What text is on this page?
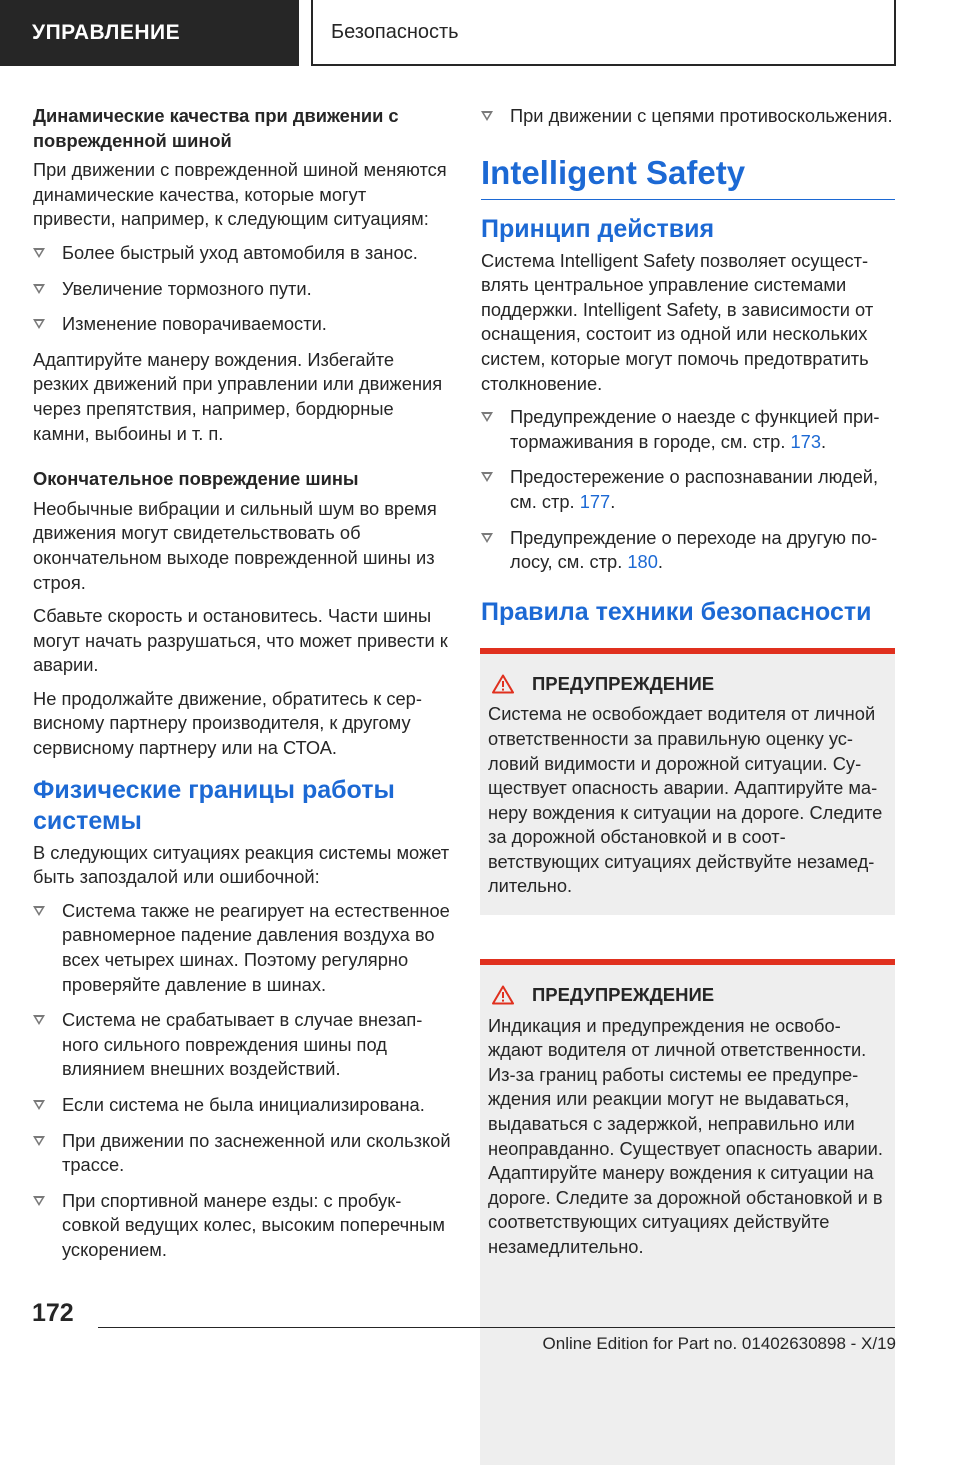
УПРАВЛЕНИЕ	Безопасность

Динамические качества при движении с поврежденной шиной

При движении с поврежденной шиной меняются динамические качества, которые могут привести, например, к следующим ситуациям:

Более быстрый уход автомобиля в занос.
Увеличение тормозного пути.
Изменение поворачиваемости.

Адаптируйте манеру вождения. Избегайте резких движений при управлении или движения через препятствия, например, бордюрные камни, выбоины и т. п.

Окончательное повреждение шины

Необычные вибрации и сильный шум во время движения могут свидетельствовать об окончательном выходе поврежденной шины из строя.

Сбавьте скорость и остановитесь. Части шины могут начать разрушаться, что может привести к аварии.

Не продолжайте движение, обратитесь к сервисному партнеру производителя, к другому сервисному партнеру или на СТОА.

Физические границы работы системы

В следующих ситуациях реакция системы может быть запоздалой или ошибочной:

Система также не реагирует на естественное равномерное падение давления воздуха во всех четырех шинах. Поэтому регулярно проверяйте давление в шинах.
Система не срабатывает в случае внезапного сильного повреждения шины под влиянием внешних воздействий.
Если система не была инициализирована.
При движении по заснеженной или скользкой трассе.
При спортивной манере езды: с пробуксовкой ведущих колес, высоким поперечным ускорением.
При движении с цепями противоскольжения.
Intelligent Safety
Принцип действия

Система Intelligent Safety позволяет осуществлять центральное управление системами поддержки. Intelligent Safety, в зависимости от оснащения, состоит из одной или нескольких систем, которые могут помочь предотвратить столкновение.

Предупреждение о наезде с функцией притормаживания в городе, см. стр. 173.
Предостережение о распознавании людей, см. стр. 177.
Предупреждение о переходе на другую полосу, см. стр. 180.
Правила техники безопасности
ПРЕДУПРЕЖДЕНИЕ

Система не освобождает водителя от личной ответственности за правильную оценку условий видимости и дорожной ситуации. Существует опасность аварии. Адаптируйте манеру вождения к ситуации на дороге. Следите за дорожной обстановкой и в соответствующих ситуациях действуйте незамедлительно.

ПРЕДУПРЕЖДЕНИЕ

Индикация и предупреждения не освобождают водителя от личной ответственности. Из-за границ работы системы ее предупреждения или реакции могут не выдаваться, выдаваться с задержкой, неправильно или неоправданно. Существует опасность аварии. Адаптируйте манеру вождения к ситуации на дороге. Следите за дорожной обстановкой и в соответствующих ситуациях действуйте незамедлительно.

172
Online Edition for Part no. 01402630898 - X/19
